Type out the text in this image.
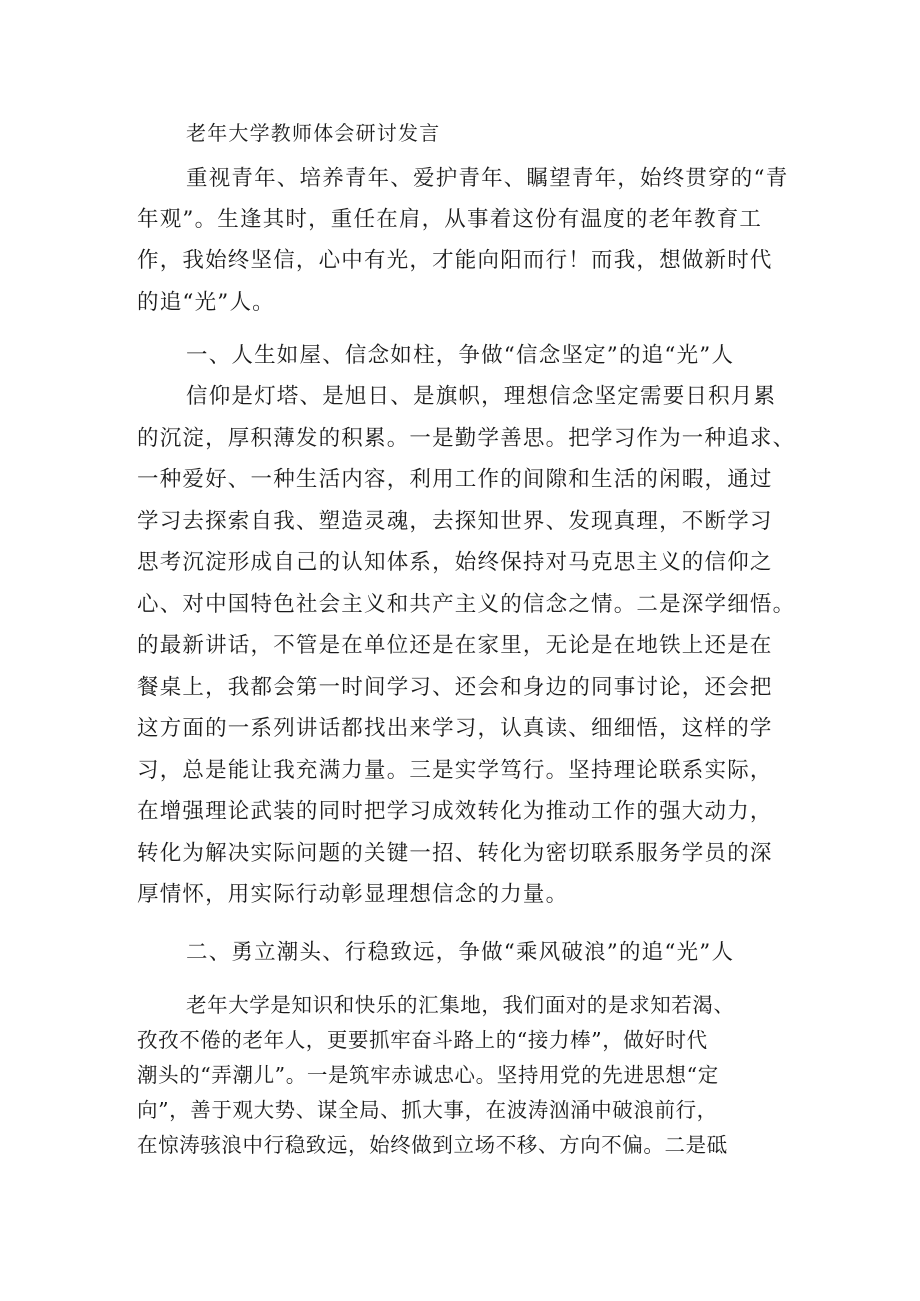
老年大学教师体会研讨发言
重视青年、培养青年、爱护青年、瞩望青年，始终贯穿的“青
年观”。生逢其时，重任在肩，从事着这份有温度的老年教育工
作，我始终坚信，心中有光，才能向阳而行！而我，想做新时代
的追“光”人。
一、人生如屋、信念如柱，争做“信念坚定”的追“光”人
信仰是灯塔、是旭日、是旗帜，理想信念坚定需要日积月累
的沉淀，厚积薄发的积累。一是勤学善思。把学习作为一种追求、
一种爱好、一种生活内容，利用工作的间隙和生活的闲暇，通过
学习去探索自我、塑造灵魂，去探知世界、发现真理，不断学习
思考沉淀形成自己的认知体系，始终保持对马克思主义的信仰之
心、对中国特色社会主义和共产主义的信念之情。二是深学细悟。
的最新讲话，不管是在单位还是在家里，无论是在地铁上还是在
餐桌上，我都会第一时间学习、还会和身边的同事讨论，还会把
这方面的一系列讲话都找出来学习，认真读、细细悟，这样的学
习，总是能让我充满力量。三是实学笃行。坚持理论联系实际，
在增强理论武装的同时把学习成效转化为推动工作的强大动力，
转化为解决实际问题的关键一招、转化为密切联系服务学员的深
厚情怀，用实际行动彰显理想信念的力量。
二、勇立潮头、行稳致远，争做“乘风破浪”的追“光”人
老年大学是知识和快乐的汇集地，我们面对的是求知若渴、
孜孜不倦的老年人，更要抓牢奋斗路上的“接力棒”，做好时代
潮头的“弄潮儿”。一是筑牢赤诚忠心。坚持用党的先进思想“定
向”，善于观大势、谋全局、抓大事，在波涛汹涌中破浪前行，
在惊涛骇浪中行稳致远，始终做到立场不移、方向不偏。二是砥
